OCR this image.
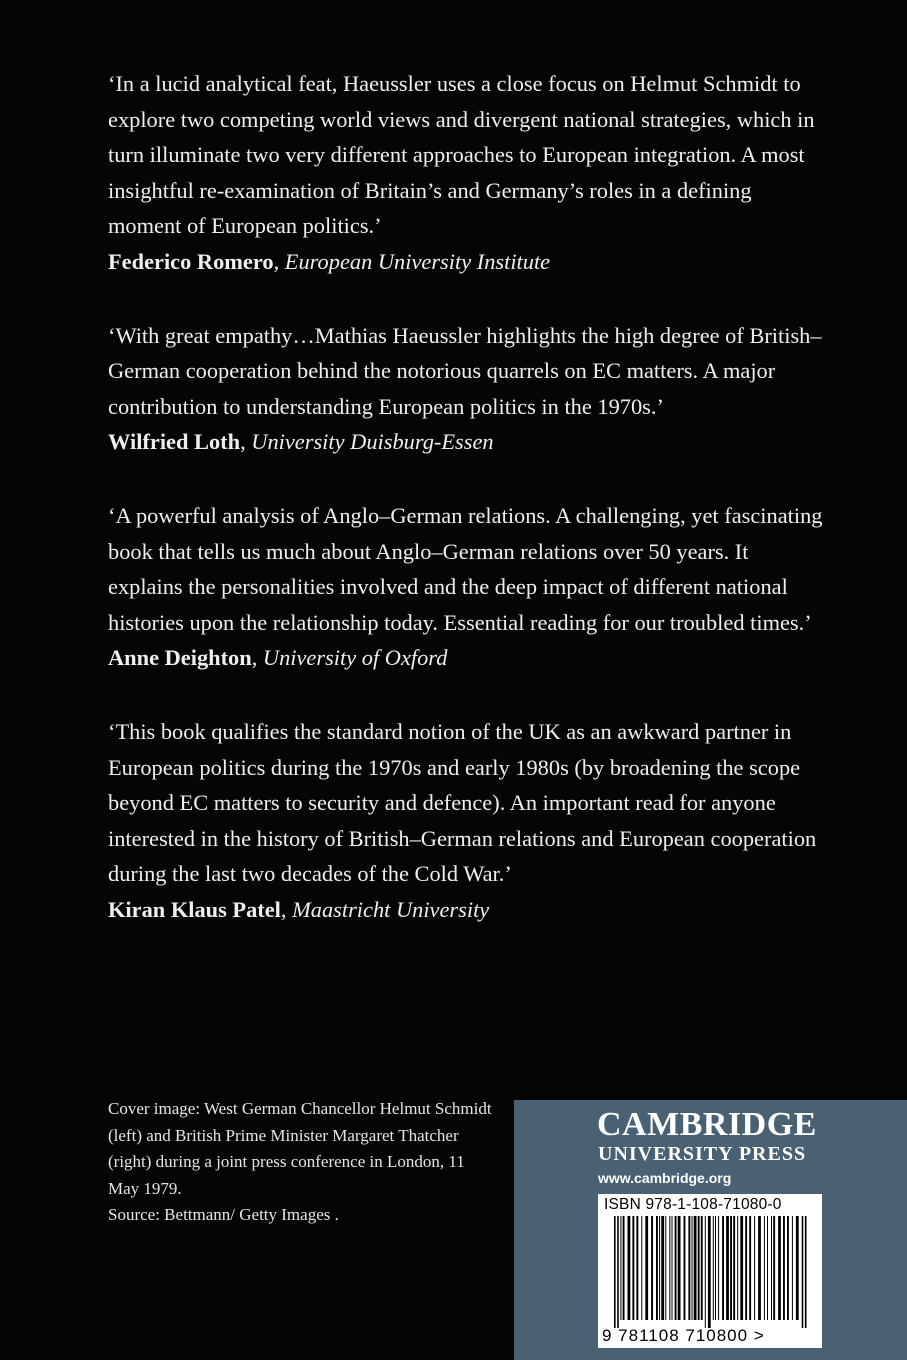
‘In a lucid analytical feat, Haeussler uses a close focus on Helmut Schmidt to explore two competing world views and divergent national strategies, which in turn illuminate two very different approaches to European integration. A most insightful re-examination of Britain’s and Germany’s roles in a defining moment of European politics.’

Federico Romero, European University Institute

‘With great empathy…Mathias Haeussler highlights the high degree of British–German cooperation behind the notorious quarrels on EC matters. A major contribution to understanding European politics in the 1970s.’

Wilfried Loth, University Duisburg-Essen

‘A powerful analysis of Anglo–German relations. A challenging, yet fascinating book that tells us much about Anglo–German relations over 50 years. It explains the personalities involved and the deep impact of different national histories upon the relationship today. Essential reading for our troubled times.’

Anne Deighton, University of Oxford

‘This book qualifies the standard notion of the UK as an awkward partner in European politics during the 1970s and early 1980s (by broadening the scope beyond EC matters to security and defence). An important read for anyone interested in the history of British–German relations and European cooperation during the last two decades of the Cold War.’

Kiran Klaus Patel, Maastricht University

Cover image: West German Chancellor Helmut Schmidt (left) and British Prime Minister Margaret Thatcher (right) during a joint press conference in London, 11 May 1979.

Source: Bettmann/ Getty Images .

CAMBRIDGE
UNIVERSITY PRESS
www.cambridge.org
ISBN 978-1-108-71080-0
9 781108 710800 >
